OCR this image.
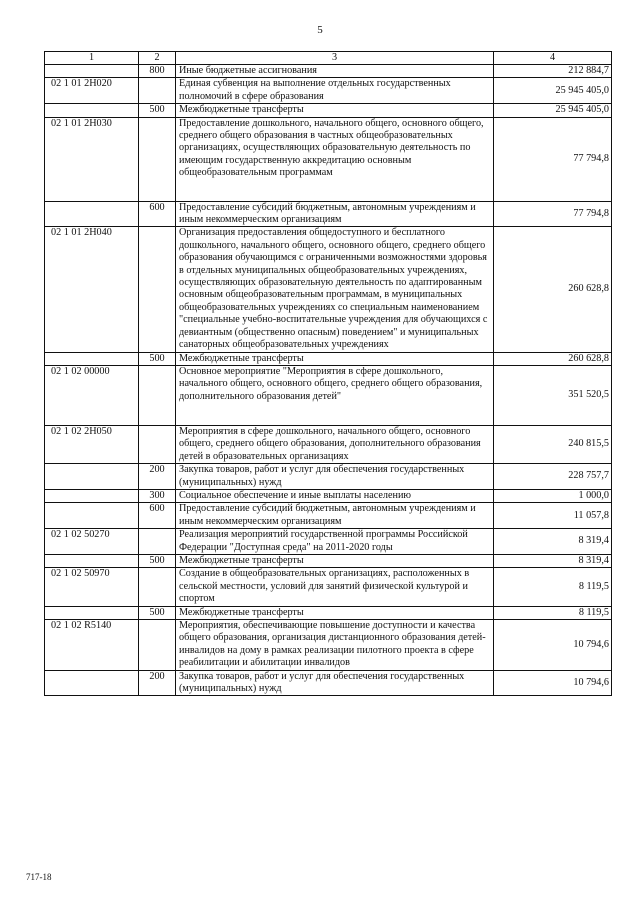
5
1	2	3	4
	800	Иные бюджетные ассигнования	212 884,7
02 1 01 2Н020		Единая субвенция на выполнение отдельных государственных полномочий в сфере образования	25 945 405,0
	500	Межбюджетные трансферты	25 945 405,0
02 1 01 2Н030		Предоставление дошкольного, начального общего, основного общего, среднего общего образования в частных общеобразовательных организациях, осуществляющих образовательную деятельность по имеющим государственную аккредитацию основным общеобразовательным программам	77 794,8
	600	Предоставление субсидий бюджетным, автономным учреждениям и иным некоммерческим организациям	77 794,8
02 1 01 2Н040		Организация предоставления общедоступного и бесплатного дошкольного, начального общего, основного общего, среднего общего образования обучающимся с ограниченными возможностями здоровья в отдельных муниципальных общеобразовательных учреждениях, осуществляющих образовательную деятельность по адаптированным основным общеобразовательным программам, в муниципальных общеобразовательных учреждениях со специальным наименованием "специальные учебно-воспитательные учреждения для обучающихся с девиантным (общественно опасным) поведением" и муниципальных санаторных общеобразовательных учреждениях	260 628,8
	500	Межбюджетные трансферты	260 628,8
02 1 02 00000		Основное мероприятие "Мероприятия в сфере дошкольного, начального общего, основного общего, среднего общего образования, дополнительного образования детей"	351 520,5
02 1 02 2Н050		Мероприятия в сфере дошкольного, начального общего, основного общего, среднего общего образования, дополнительного образования детей в образовательных организациях	240 815,5
	200	Закупка товаров, работ и услуг для обеспечения государственных (муниципальных) нужд	228 757,7
	300	Социальное обеспечение и иные выплаты населению	1 000,0
	600	Предоставление субсидий бюджетным, автономным учреждениям и иным некоммерческим организациям	11 057,8
02 1 02 50270		Реализация мероприятий государственной программы Российской Федерации "Доступная среда" на 2011-2020 годы	8 319,4
	500	Межбюджетные трансферты	8 319,4
02 1 02 50970		Создание в общеобразовательных организациях, расположенных в сельской местности, условий для занятий физической культурой и спортом	8 119,5
	500	Межбюджетные трансферты	8 119,5
02 1 02 R5140		Мероприятия, обеспечивающие повышение доступности и качества общего образования, организация дистанционного образования детей-инвалидов на дому в рамках реализации пилотного проекта в сфере реабилитации и абилитации инвалидов	10 794,6
	200	Закупка товаров, работ и услуг для обеспечения государственных (муниципальных) нужд	10 794,6
717-18
